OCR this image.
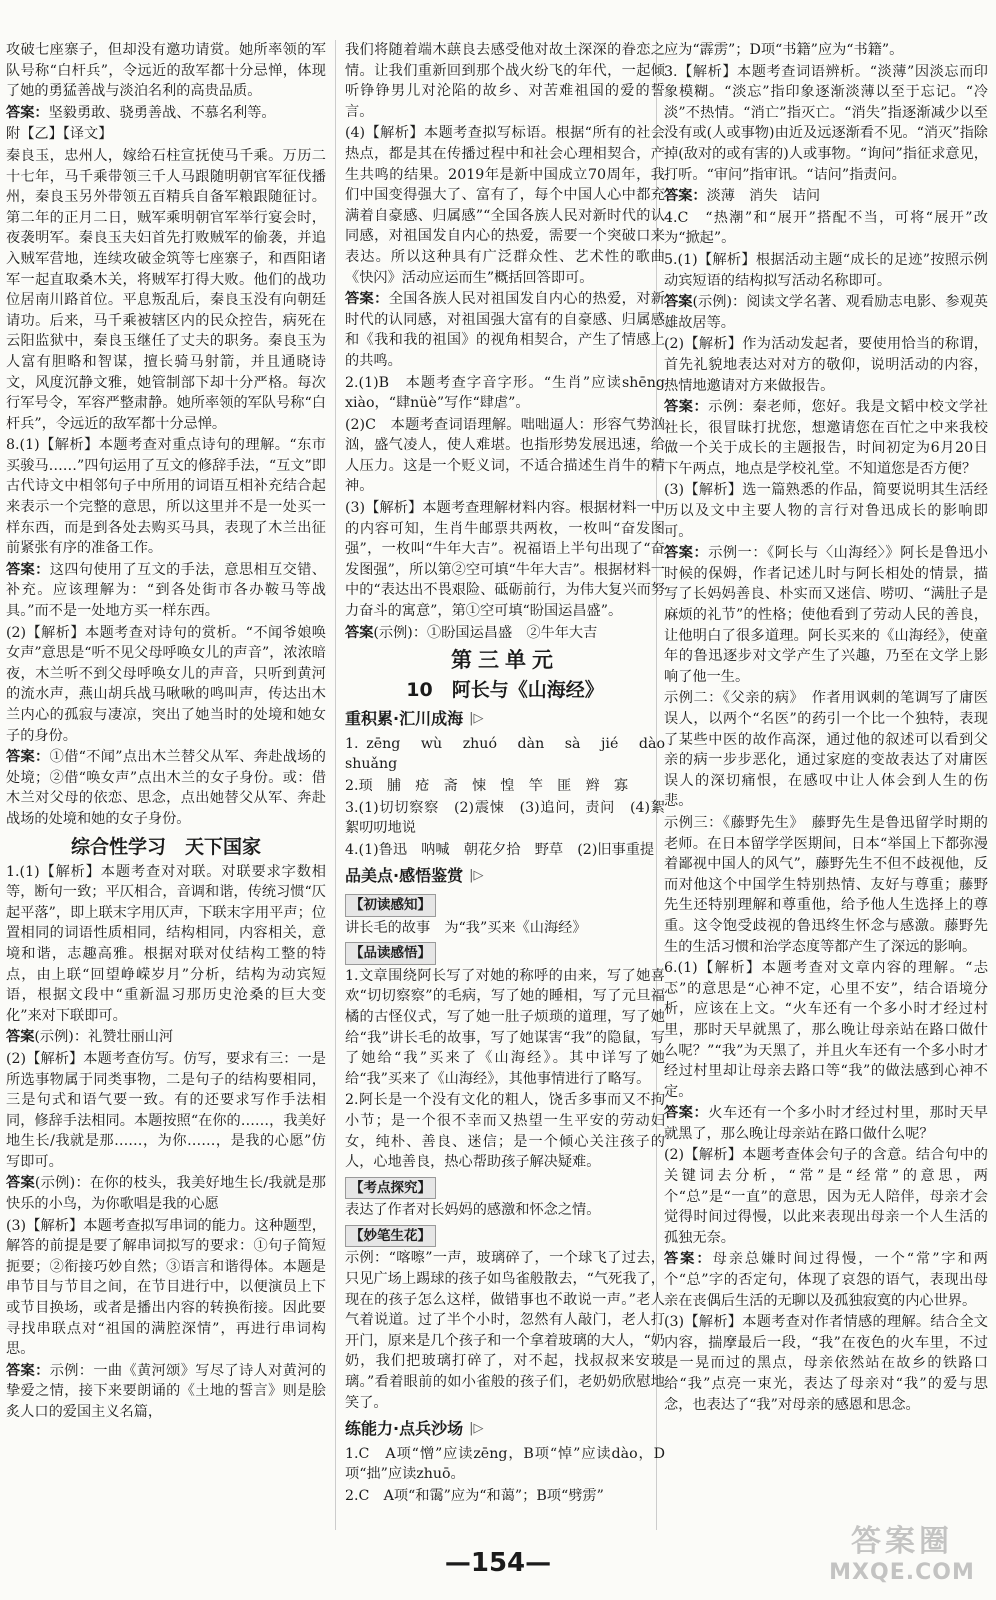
攻破七座寨子，但却没有邀功请赏。她所率领的军队号称“白杆兵”，令远近的敌军都十分忌惮，体现了她的勇猛善战与淡泊名利的高贵品质。
答案：坚毅勇敢、骁勇善战、不慕名利等。
附【乙】【译文】
秦良玉，忠州人，嫁给石柱宣抚使马千乘。万历二十七年，马千乘带领三千人马跟随明朝官军征伐播州，秦良玉另外带领五百精兵自备军粮跟随征讨。第二年的正月二日，贼军乘明朝官军举行宴会时，夜袭明军。秦良玉夫妇首先打败贼军的偷袭，并追入贼军营地，连续攻破金筑等七座寨子，和酉阳诸军一起直取桑木关，将贼军打得大败。他们的战功位居南川路首位。平息叛乱后，秦良玉没有向朝廷请功。后来，马千乘被辖区内的民众控告，病死在云阳监狱中，秦良玉继任了丈夫的职务。秦良玉为人富有胆略和智谋，擅长骑马射箭，并且通晓诗文，风度沉静文雅，她管制部下却十分严格。每次行军号令，军容严整肃静。她所率领的军队号称“白杆兵”，令远近的敌军都十分忌惮。
8.(1)【解析】本题考查对重点诗句的理解。“东市买骏马……”四句运用了互文的修辞手法，“互文”即古代诗文中相邻句子中所用的词语互相补充结合起来表示一个完整的意思，所以这里并不是一处买一样东西，而是到各处去购买马具，表现了木兰出征前紧张有序的准备工作。
答案：这四句使用了互文的手法，意思相互交错、补充。应该理解为：“到各处街市各办鞍马等战具。”而不是一处地方买一样东西。
(2)【解析】本题考查对诗句的赏析。“不闻爷娘唤女声”意思是“听不见父母呼唤女儿的声音”，浓浓暗夜，木兰听不到父母呼唤女儿的声音，只听到黄河的流水声，燕山胡兵战马啾啾的鸣叫声，传达出木兰内心的孤寂与凄凉，突出了她当时的处境和她女子的身份。
答案：①借“不闻”点出木兰替父从军、奔赴战场的处境；②借“唤女声”点出木兰的女子身份。或：借木兰对父母的依恋、思念，点出她替父从军、奔赴战场的处境和她的女子身份。
综合性学习　天下国家
1.(1)【解析】本题考查对对联。对联要求字数相等，断句一致；平仄相合，音调和谐，传统习惯“仄起平落”，即上联末字用仄声，下联末字用平声；位置相同的词语性质相同，结构相同，内容相关，意境和谐，志趣高雅。根据对联对仗结构工整的特点，由上联“回望峥嵘岁月”分析，结构为动宾短语，根据文段中“重新温习那历史沧桑的巨大变化”来对下联即可。
答案(示例)：礼赞壮丽山河
(2)【解析】本题考查仿写。仿写，要求有三：一是所选事物属于同类事物，二是句子的结构要相同，三是句式和语气要一致。有的还要求写作手法相同，修辞手法相同。本题按照“在你的……，我美好地生长/我就是那……，为你……，是我的心愿”仿写即可。
答案(示例)：在你的枝头，我美好地生长/我就是那快乐的小鸟，为你歌唱是我的心愿
(3)【解析】本题考查拟写串词的能力。这种题型，解答的前提是要了解串词拟写的要求：①句子简短扼要；②衔接巧妙自然；③语言和谐得体。本题是串节目与节目之间，在节目进行中，以便演员上下或节目换场，或者是播出内容的转换衔接。因此要寻找串联点对“祖国的满腔深情”，再进行串词构思。
答案：示例：一曲《黄河颂》写尽了诗人对黄河的挚爱之情，接下来要朗诵的《土地的誓言》则是脍炙人口的爱国主义名篇，
我们将随着端木蕻良去感受他对故土深深的眷恋之情。让我们重新回到那个战火纷飞的年代，一起倾听铮铮男儿对沦陷的故乡、对苦难祖国的爱的誓言。
(4)【解析】本题考查拟写标语。根据“所有的社会热点，都是其在传播过程中和社会心理相契合，产生共鸣的结果。2019年是新中国成立70周年，我们中国变得强大了、富有了，每个中国人心中都充满着自豪感、归属感”“全国各族人民对新时代的认同感，对祖国发自内心的热爱，需要一个突破口来表达。所以这种具有广泛群众性、艺术性的歌曲《快闪》活动应运而生”概括回答即可。
答案：全国各族人民对祖国发自内心的热爱，对新时代的认同感，对祖国强大富有的自豪感、归属感和《我和我的祖国》的视角相契合，产生了情感上的共鸣。
2.(1)B　本题考查字音字形。“生肖”应读shēng xiào，“肆nüè”写作“肆虐”。
(2)C　本题考查词语理解。咄咄逼人：形容气势汹汹，盛气凌人，使人难堪。也指形势发展迅速，给人压力。这是一个贬义词，不适合描述生肖牛的精神。
(3)【解析】本题考查理解材料内容。根据材料一中的内容可知，生肖牛邮票共两枚，一枚叫“奋发图强”，一枚叫“牛年大吉”。祝福语上半句出现了“奋发图强”，所以第②空可填“牛年大吉”。根据材料一中的“表达出不畏艰险、砥砺前行，为伟大复兴而努力奋斗的寓意”，第①空可填“盼国运昌盛”。
答案(示例)：①盼国运昌盛　②牛年大吉
第三单元
10　阿长与《山海经》
重积累·汇川成海 |▷
1. zēng　wù　zhuó　dàn　sà　jié　dào　shuǎng
2.顼　脯　疮　斋　悚　惶　竿　匪　辫　寡
3.(1)切切察察　(2)震悚　(3)追问，责问　(4)絮絮叨叨地说
4.(1)鲁迅　呐喊　朝花夕拾　野草　(2)旧事重提
品美点·感悟鉴赏 |▷
【初读感知】
讲长毛的故事　为“我”买来《山海经》
【品读感悟】
1.文章围绕阿长写了对她的称呼的由来，写了她喜欢“切切察察”的毛病，写了她的睡相，写了元旦福橘的古怪仪式，写了她一肚子烦琐的道理，写了她给“我”讲长毛的故事，写了她谋害“我”的隐鼠，写了她给“我”买来了《山海经》。其中详写了她给“我”买来了《山海经》，其他事情进行了略写。
2.阿长是一个没有文化的粗人，饶舌多事而又不拘小节；是一个很不幸而又热望一生平安的劳动妇女，纯朴、善良、迷信；是一个倾心关注孩子的人，心地善良，热心帮助孩子解决疑难。
【考点探究】
表达了作者对长妈妈的感激和怀念之情。
【妙笔生花】
示例：“喀嚓”一声，玻璃碎了，一个球飞了过去，只见广场上踢球的孩子如鸟雀般散去，“气死我了，现在的孩子怎么这样，做错事也不敢说一声。”老人气着说道。过了半个小时，忽然有人敲门，老人打开门，原来是几个孩子和一个拿着玻璃的大人，“奶奶，我们把玻璃打碎了，对不起，找叔叔来安玻璃。”看着眼前的如小雀般的孩子们，老奶奶欣慰地笑了。
练能力·点兵沙场 |▷
1.C　A项“憎”应读zēng，B项“悼”应读dào，D项“拙”应读zhuō。
2.C　A项“和霭”应为“和蔼”；B项“劈雳”
应为“霹雳”；D项“书籍”应为“书籍”。
3.【解析】本题考查词语辨析。“淡薄”因淡忘而印象模糊。“淡忘”指印象逐渐淡薄以至于忘记。“冷淡”不热情。“消亡”指灭亡。“消失”指逐渐减少以至没有或(人或事物)由近及远逐渐看不见。“消灭”指除掉(敌对的或有害的)人或事物。“询问”指征求意见，打听。“审问”指审讯。“诘问”指责问。
答案：淡薄　消失　诘问
4.C　“热潮”和“展开”搭配不当，可将“展开”改为“掀起”。
5.(1)【解析】根据活动主题“成长的足迹”按照示例动宾短语的结构拟写活动名称即可。
答案(示例)：阅读文学名著、观看励志电影、参观英雄故居等。
(2)【解析】作为活动发起者，要使用恰当的称谓，首先礼貌地表达对对方的敬仰，说明活动的内容，热情地邀请对方来做报告。
答案：示例：秦老师，您好。我是文韬中校文学社社长，很冒昧打扰您，想邀请您在百忙之中来我校做一个关于成长的主题报告，时间初定为6月20日下午两点，地点是学校礼堂。不知道您是否方便？
(3)【解析】选一篇熟悉的作品，简要说明其生活经历以及文中主要人物的言行对鲁迅成长的影响即可。
答案：示例一：《阿长与〈山海经〉》阿长是鲁迅小时候的保姆，作者记述儿时与阿长相处的情景，描写了长妈妈善良、朴实而又迷信、唠叨、“满肚子是麻烦的礼节”的性格；使他看到了劳动人民的善良，让他明白了很多道理。阿长买来的《山海经》，使童年的鲁迅逐步对文学产生了兴趣，乃至在文学上影响了他一生。
示例二：《父亲的病》　作者用讽刺的笔调写了庸医误人，以两个“名医”的药引一个比一个独特，表现了某些中医的故作高深，通过他的叙述可以看到父亲的病一步步恶化，通过家庭的变故表达了对庸医误人的深切痛恨，在感叹中让人体会到人生的伤悲。
示例三：《藤野先生》　藤野先生是鲁迅留学时期的老师。在日本留学学医期间，日本“举国上下都弥漫着鄙视中国人的风气”，藤野先生不但不歧视他，反而对他这个中国学生特别热情、友好与尊重；藤野先生还特别理解和尊重他，给予他人生选择上的尊重。这令饱受歧视的鲁迅终生怀念与感激。藤野先生的生活习惯和治学态度等都产生了深远的影响。
6.(1)【解析】本题考查对文章内容的理解。“忐忑”的意思是“心神不定，心里不安”，结合语境分析，应该在上文。“火车还有一个多小时才经过村里，那时天早就黑了，那么晚让母亲站在路口做什么呢？”“我”为天黑了，并且火车还有一个多小时才经过村里却让母亲去路口等“我”的做法感到心神不定。
答案：火车还有一个多小时才经过村里，那时天早就黑了，那么晚让母亲站在路口做什么呢？
(2)【解析】本题考查体会句子的含意。结合句中的关键词去分析，“常”是“经常”的意思，两个“总”是“一直”的意思，因为无人陪伴，母亲才会觉得时间过得慢，以此来表现出母亲一个人生活的孤独无奈。
答案：母亲总嫌时间过得慢，一个“常”字和两个“总”字的否定句，体现了哀怨的语气，表现出母亲在丧偶后生活的无聊以及孤独寂寞的内心世界。
(3)【解析】本题考查对作者情感的理解。结合全文内容，揣摩最后一段，“我”在夜色的火车里，不过是一晃而过的黑点，母亲依然站在故乡的铁路口给“我”点亮一束光，表达了母亲对“我”的爱与思念，也表达了“我”对母亲的感恩和思念。
—154—
答案圈
MXQE.COM
